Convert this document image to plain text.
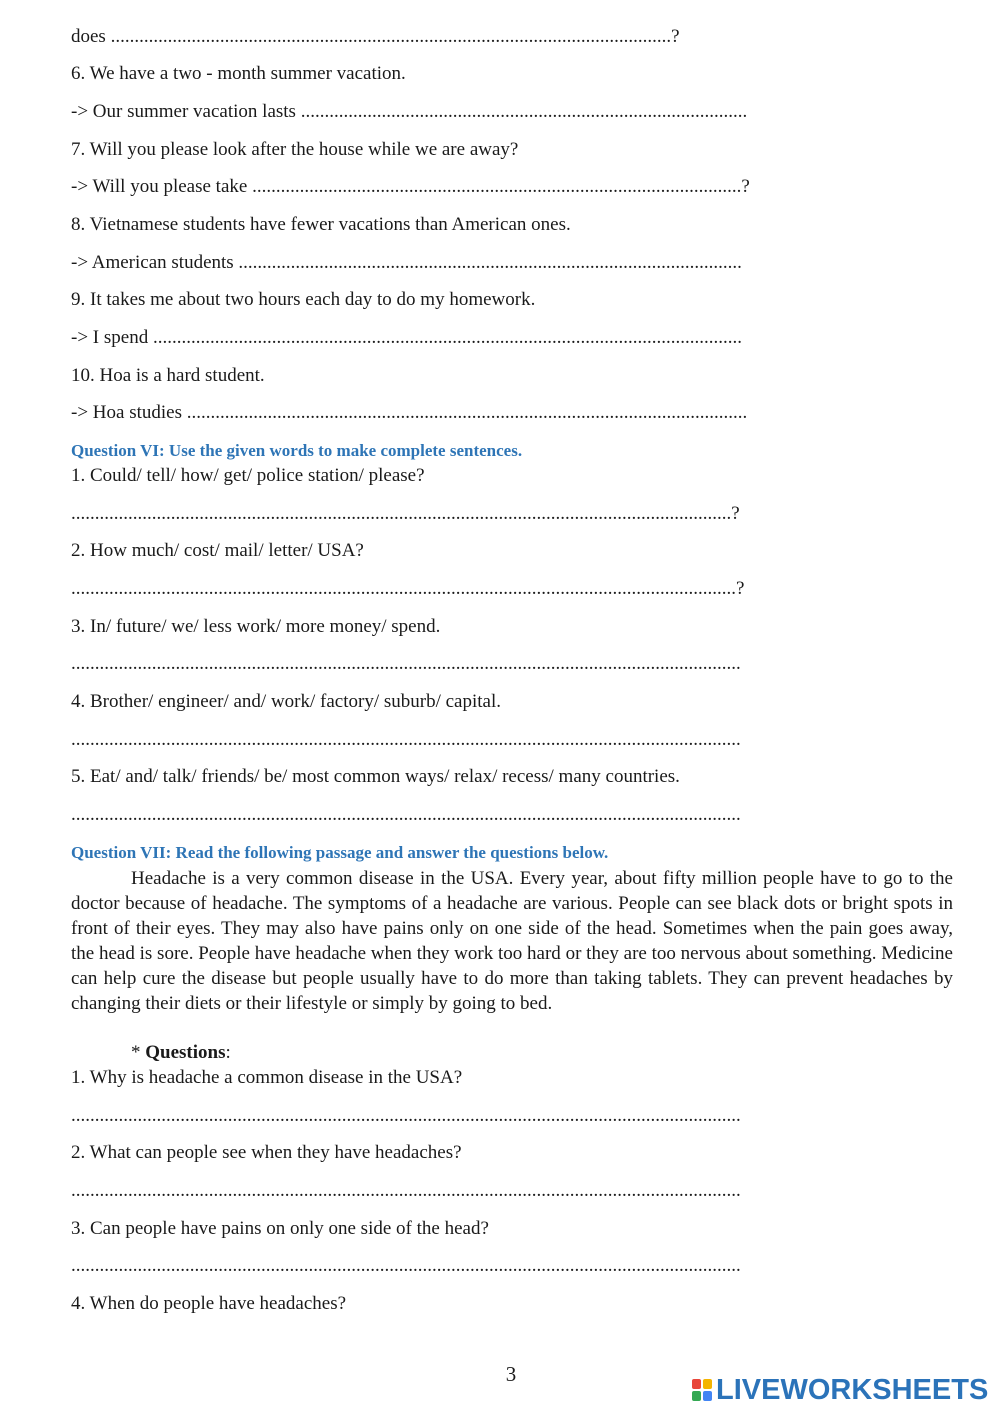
does ......................................................................................................................?
6. We have a two - month summer vacation.
-> Our summer vacation lasts ..............................................................................................
7. Will you please look after the house while we are away?
-> Will you please take .......................................................................................................?
8. Vietnamese students have fewer vacations than American ones.
-> American students ..........................................................................................................
9. It takes me about two hours each day to do my homework.
-> I spend ............................................................................................................................
10. Hoa is a hard student.
-> Hoa studies ......................................................................................................................
Question VI: Use the given words to make complete sentences.
1. Could/ tell/ how/ get/ police station/ please?
...........................................................................................................................................?
2. How much/ cost/ mail/ letter/ USA?
............................................................................................................................................?
3. In/ future/ we/ less work/ more money/ spend.
.............................................................................................................................................
4. Brother/ engineer/ and/ work/ factory/ suburb/ capital.
.............................................................................................................................................
5. Eat/ and/ talk/ friends/ be/ most common ways/ relax/ recess/ many countries.
.............................................................................................................................................
Question VII: Read the following passage and answer the questions below.

Headache is a very common disease in the USA. Every year, about fifty million people have to go to the doctor because of headache. The symptoms of a headache are various. People can see black dots or bright spots in front of their eyes. They may also have pains only on one side of the head. Sometimes when the pain goes away, the head is sore. People have headache when they work too hard or they are too nervous about something. Medicine can help cure the disease but people usually have to do more than taking tablets. They can prevent headaches by changing their diets or their lifestyle or simply by going to bed.

* Questions:
1. Why is headache a common disease in the USA?
.............................................................................................................................................
2. What can people see when they have headaches?
.............................................................................................................................................
3. Can people have pains on only one side of the head?
.............................................................................................................................................
4. When do people have headaches?
3	LIVEWORKSHEETS
